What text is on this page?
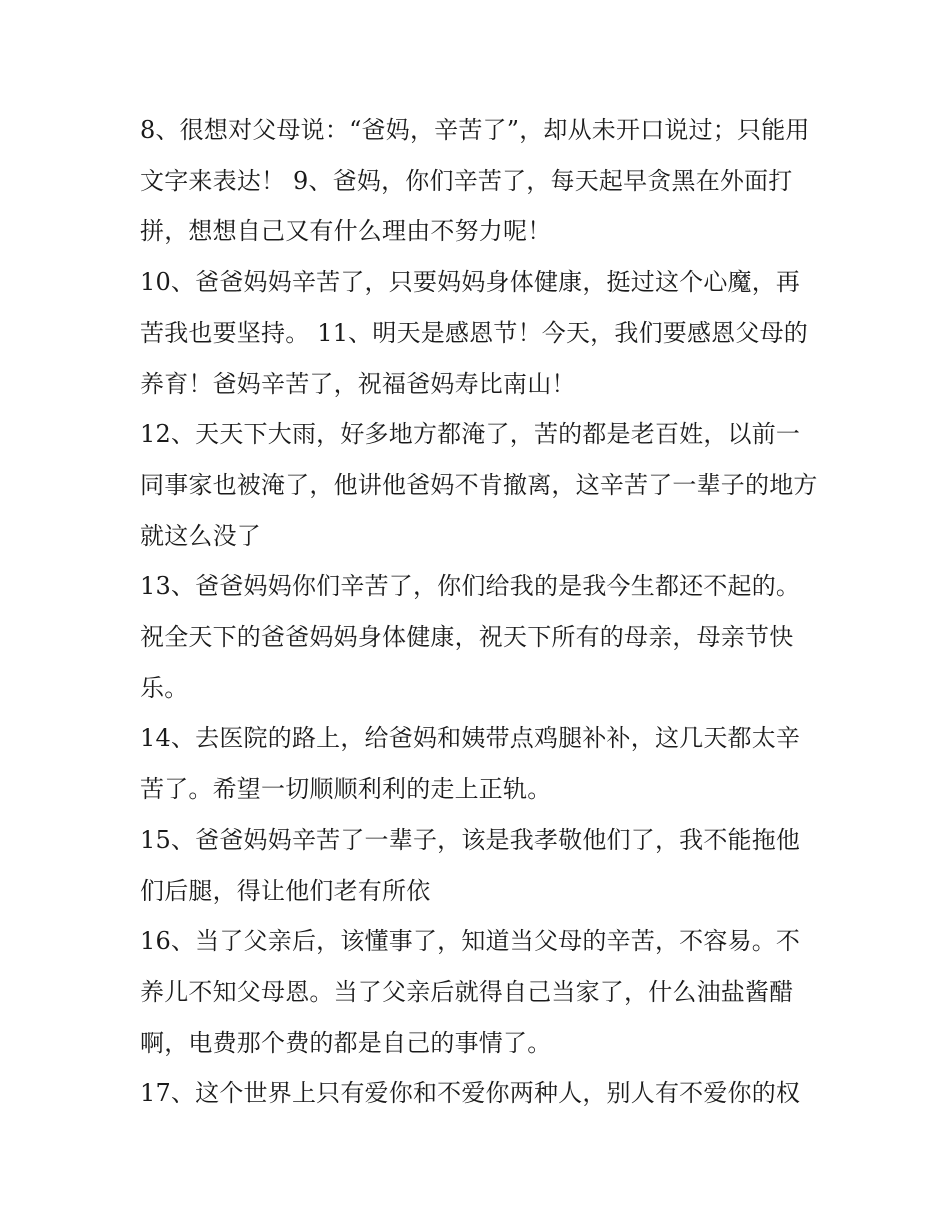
8、很想对父母说：“爸妈，辛苦了”，却从未开口说过；只能用文字来表达！ 9、爸妈，你们辛苦了，每天起早贪黑在外面打拼，想想自己又有什么理由不努力呢！

10、爸爸妈妈辛苦了，只要妈妈身体健康，挺过这个心魔，再苦我也要坚持。 11、明天是感恩节！今天，我们要感恩父母的养育！爸妈辛苦了，祝福爸妈寿比南山！

12、天天下大雨，好多地方都淹了，苦的都是老百姓，以前一同事家也被淹了，他讲他爸妈不肯撤离，这辛苦了一辈子的地方就这么没了

13、爸爸妈妈你们辛苦了，你们给我的是我今生都还不起的。祝全天下的爸爸妈妈身体健康，祝天下所有的母亲，母亲节快乐。

14、去医院的路上，给爸妈和姨带点鸡腿补补，这几天都太辛苦了。希望一切顺顺利利的走上正轨。

15、爸爸妈妈辛苦了一辈子，该是我孝敬他们了，我不能拖他们后腿，得让他们老有所依

16、当了父亲后，该懂事了，知道当父母的辛苦，不容易。不养儿不知父母恩。当了父亲后就得自己当家了，什么油盐酱醋啊，电费那个费的都是自己的事情了。

17、这个世界上只有爱你和不爱你两种人，别人有不爱你的权
